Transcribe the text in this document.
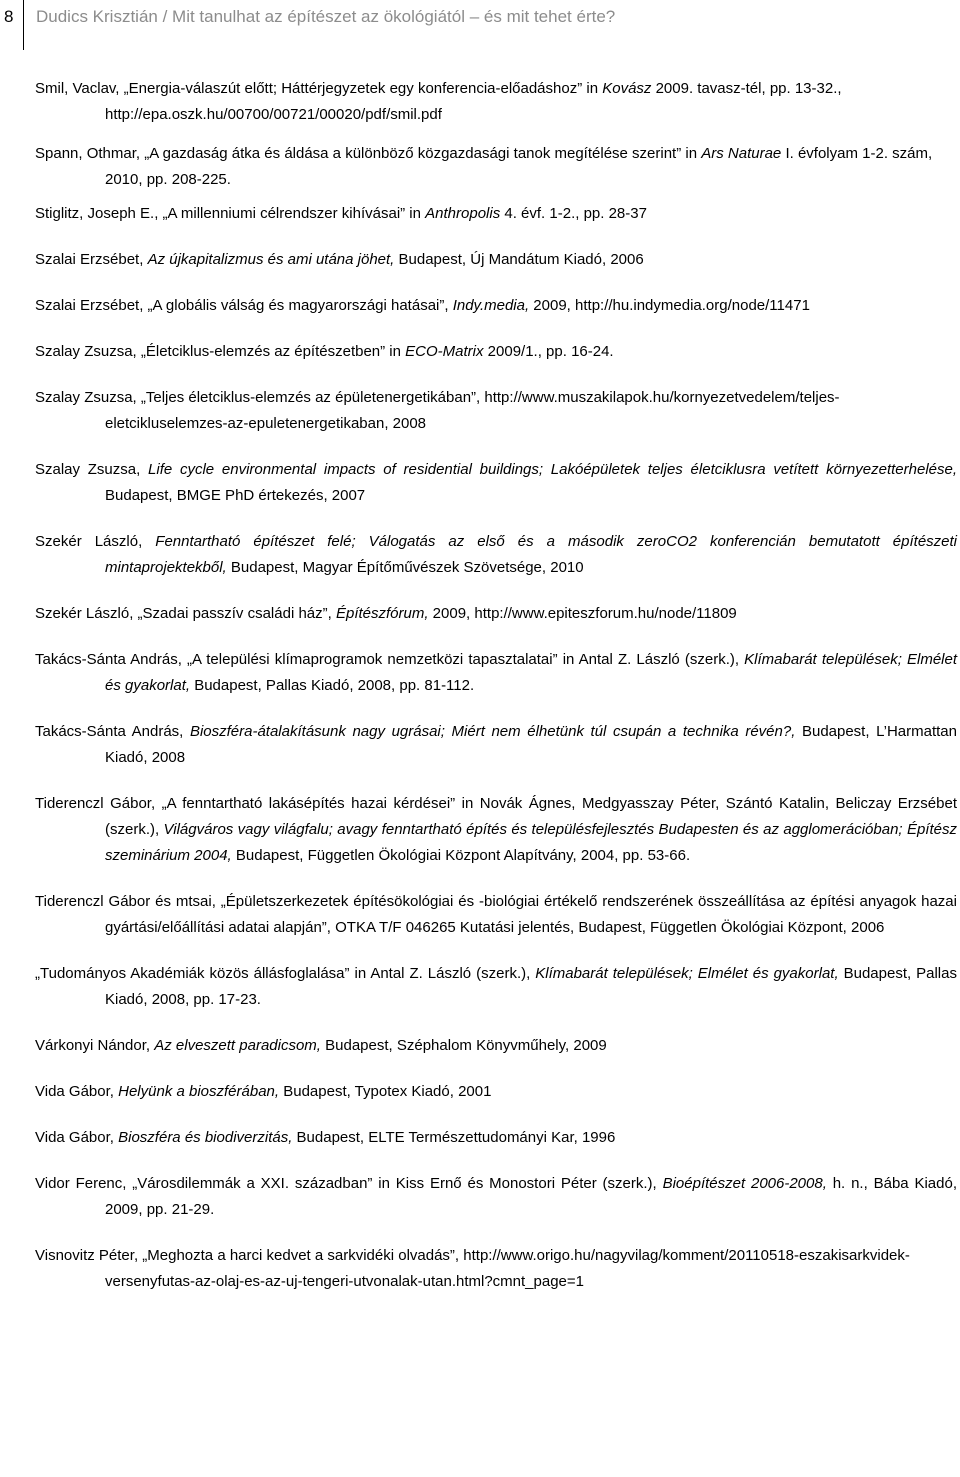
8 Dudics Krisztián / Mit tanulhat az építészet az ökológiától – és mit tehet érte?

Smil, Vaclav, „Energia-válaszút előtt; Háttérjegyzetek egy konferencia-előadáshoz” in Kovász 2009. tavasz-tél, pp. 13-32., http://epa.oszk.hu/00700/00721/00020/pdf/smil.pdf

Spann, Othmar, „A gazdaság átka és áldása a különböző közgazdasági tanok megítélése szerint” in Ars Naturae I. évfolyam 1-2. szám, 2010, pp. 208-225.

Stiglitz, Joseph E., „A millenniumi célrendszer kihívásai” in Anthropolis 4. évf. 1-2., pp. 28-37

Szalai Erzsébet, Az újkapitalizmus és ami utána jöhet, Budapest, Új Mandátum Kiadó, 2006

Szalai Erzsébet, „A globális válság és magyarországi hatásai”, Indy.media, 2009, http://hu.indymedia.org/node/11471

Szalay Zsuzsa, „Életciklus-elemzés az építészetben” in ECO-Matrix 2009/1., pp. 16-24.

Szalay Zsuzsa, „Teljes életciklus-elemzés az épületenergetikában”, http://www.muszakilapok.hu/kornyezetvedelem/teljes-eletcikluselemzes-az-epuletenergetikaban, 2008

Szalay Zsuzsa, Life cycle environmental impacts of residential buildings; Lakóépületek teljes életciklusra vetített környezetterhelése, Budapest, BMGE PhD értekezés, 2007

Szekér László, Fenntartható építészet felé; Válogatás az első és a második zeroCO2 konferencián bemutatott építészeti mintaprojektekből, Budapest, Magyar Építőművészek Szövetsége, 2010

Szekér László, „Szadai passzív családi ház”, Építészfórum, 2009, http://www.epiteszforum.hu/node/11809

Takács-Sánta András, „A települési klímaprogramok nemzetközi tapasztalatai” in Antal Z. László (szerk.), Klímabarát települések; Elmélet és gyakorlat, Budapest, Pallas Kiadó, 2008, pp. 81-112.

Takács-Sánta András, Bioszféra-átalakításunk nagy ugrásai; Miért nem élhetünk túl csupán a technika révén?, Budapest, L’Harmattan Kiadó, 2008

Tiderenczl Gábor, „A fenntartható lakásépítés hazai kérdései” in Novák Ágnes, Medgyasszay Péter, Szántó Katalin, Beliczay Erzsébet (szerk.), Világváros vagy világfalu; avagy fenntartható építés és településfejlesztés Budapesten és az agglomerációban; Építész szeminárium 2004, Budapest, Független Ökológiai Központ Alapítvány, 2004, pp. 53-66.

Tiderenczl Gábor és mtsai, „Épületszerkezetek építésökológiai és -biológiai értékelő rendszerének összeállítása az építési anyagok hazai gyártási/előállítási adatai alapján”, OTKA T/F 046265 Kutatási jelentés, Budapest, Független Ökológiai Központ, 2006

„Tudományos Akadémiák közös állásfoglalása” in Antal Z. László (szerk.), Klímabarát települések; Elmélet és gyakorlat, Budapest, Pallas Kiadó, 2008, pp. 17-23.

Várkonyi Nándor, Az elveszett paradicsom, Budapest, Széphalom Könyvműhely, 2009

Vida Gábor, Helyünk a bioszférában, Budapest, Typotex Kiadó, 2001

Vida Gábor, Bioszféra és biodiverzitás, Budapest, ELTE Természettudományi Kar, 1996

Vidor Ferenc, „Városdilemmák a XXI. században” in Kiss Ernő és Monostori Péter (szerk.), Bioépítészet 2006-2008, h. n., Bába Kiadó, 2009, pp. 21-29.

Visnovitz Péter, „Meghozta a harci kedvet a sarkvidéki olvadás”, http://www.origo.hu/nagyvilag/komment/20110518-eszakisarkvidek-versenyfutas-az-olaj-es-az-uj-tengeri-utvonalak-utan.html?cmnt_page=1
